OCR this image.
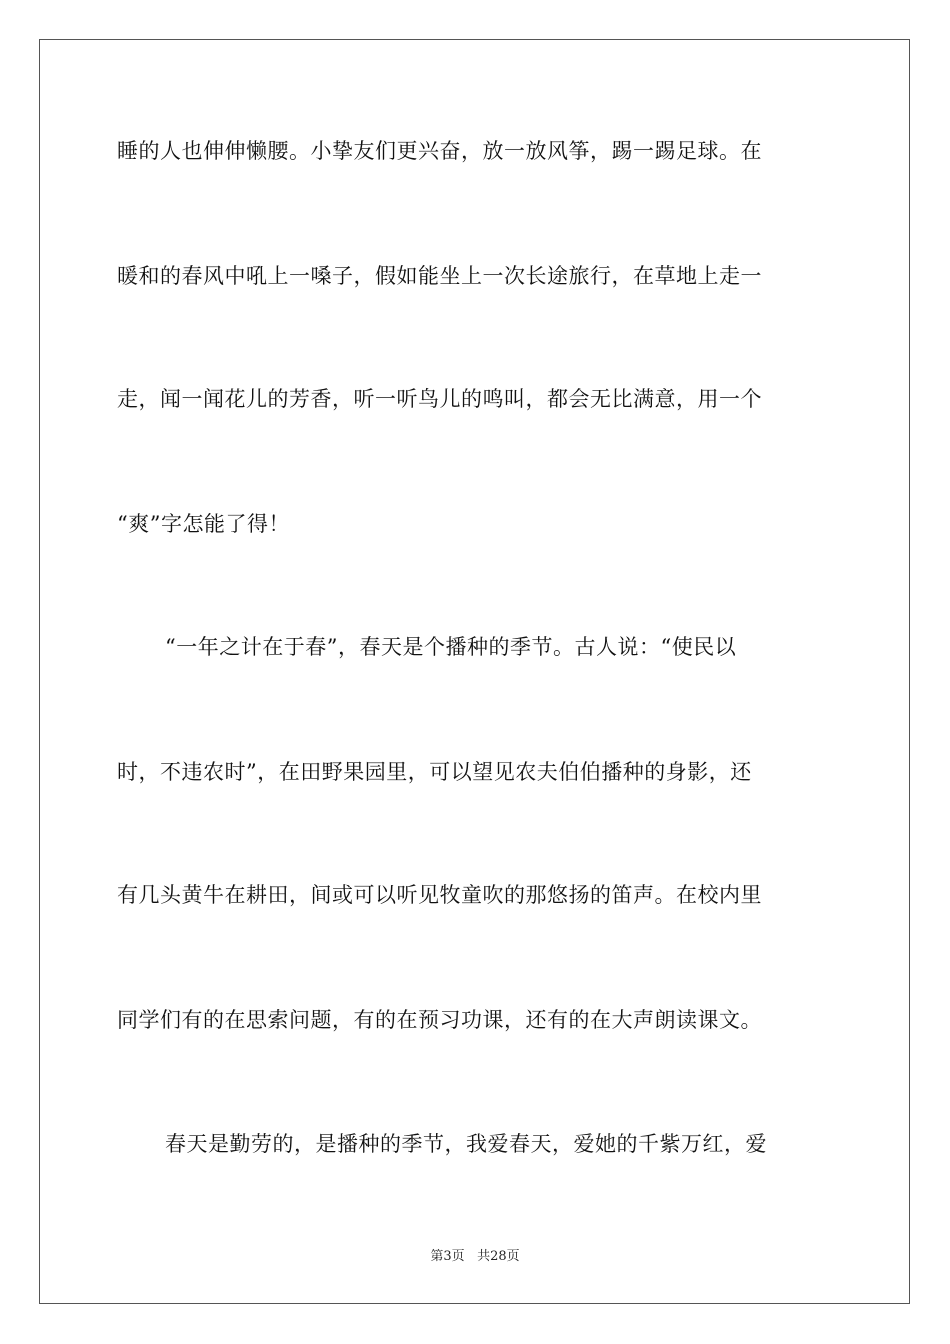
睡的人也伸伸懒腰。小挚友们更兴奋，放一放风筝，踢一踢足球。在
暖和的春风中吼上一嗓子，假如能坐上一次长途旅行，在草地上走一
走，闻一闻花儿的芳香，听一听鸟儿的鸣叫，都会无比满意，用一个
“爽”字怎能了得！
“一年之计在于春”，春天是个播种的季节。古人说：“使民以
时，不违农时”，在田野果园里，可以望见农夫伯伯播种的身影，还
有几头黄牛在耕田，间或可以听见牧童吹的那悠扬的笛声。在校内里
同学们有的在思索问题，有的在预习功课，还有的在大声朗读课文。
春天是勤劳的，是播种的季节，我爱春天，爱她的千紫万红，爱
第3页 共28页
